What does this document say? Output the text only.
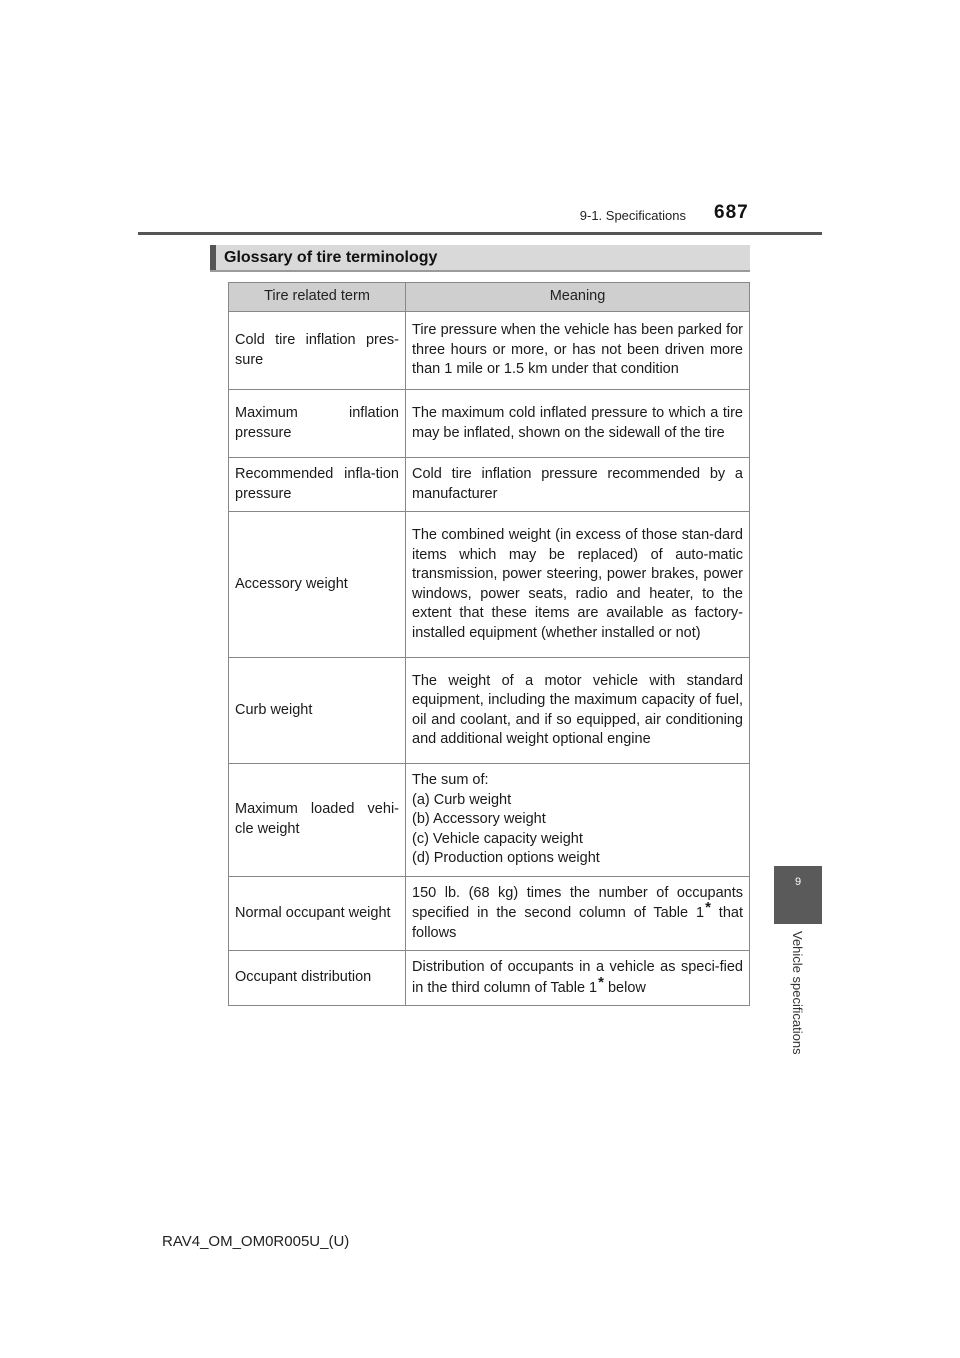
9-1. Specifications 687
9
Vehicle specifications
Glossary of tire terminology
Tire related term	Meaning
Cold tire inflation pres-sure	Tire pressure when the vehicle has been parked for three hours or more, or has not been driven more than 1 mile or 1.5 km under that condition
Maximum inflation pressure	The maximum cold inflated pressure to which a tire may be inflated, shown on the sidewall of the tire
Recommended infla-tion pressure	Cold tire inflation pressure recommended by a manufacturer
Accessory weight	The combined weight (in excess of those stan-dard items which may be replaced) of auto-matic transmission, power steering, power brakes, power windows, power seats, radio and heater, to the extent that these items are available as factory-installed equipment (whether installed or not)
Curb weight	The weight of a motor vehicle with standard equipment, including the maximum capacity of fuel, oil and coolant, and if so equipped, air conditioning and additional weight optional engine
Maximum loaded vehi-cle weight	The sum of:
(a) Curb weight
(b) Accessory weight
(c) Vehicle capacity weight
(d) Production options weight

Normal occupant weight	150 lb. (68 kg) times the number of occupants specified in the second column of Table 1* that follows
Occupant distribution	Distribution of occupants in a vehicle as speci-fied in the third column of Table 1* below
RAV4_OM_OM0R005U_(U)
